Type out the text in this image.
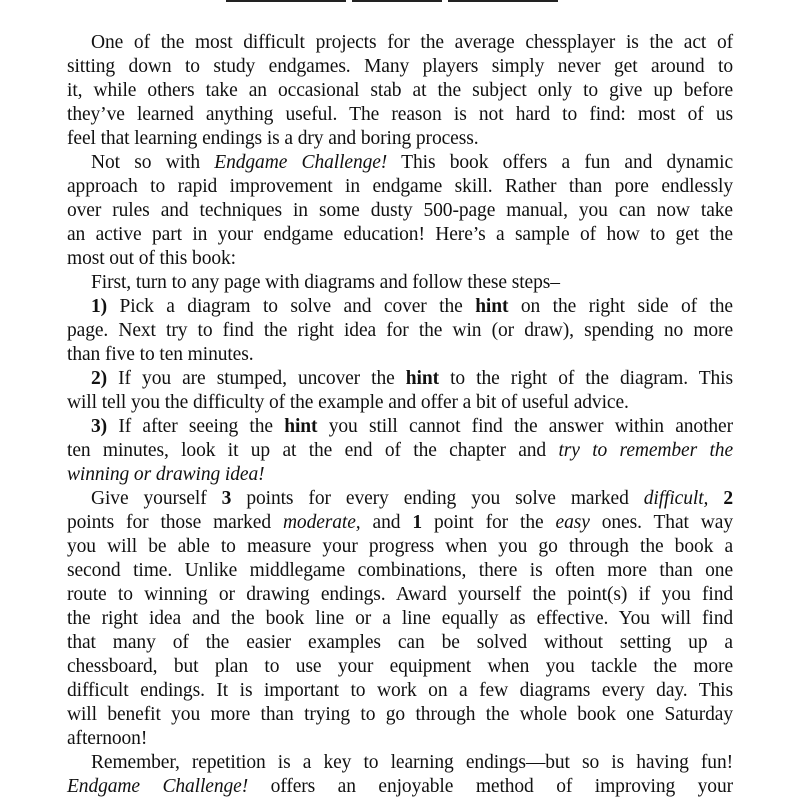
One of the most difficult projects for the average chessplayer is the act of
sitting down to study endgames. Many players simply never get around to
it, while others take an occasional stab at the subject only to give up before
they’ve learned anything useful. The reason is not hard to find: most of us
feel that learning endings is a dry and boring process.
Not so with Endgame Challenge! This book offers a fun and dynamic
approach to rapid improvement in endgame skill. Rather than pore endlessly
over rules and techniques in some dusty 500-page manual, you can now take
an active part in your endgame education! Here’s a sample of how to get the
most out of this book:
First, turn to any page with diagrams and follow these steps–
1) Pick a diagram to solve and cover the hint on the right side of the
page. Next try to find the right idea for the win (or draw), spending no more
than five to ten minutes.
2) If you are stumped, uncover the hint to the right of the diagram. This
will tell you the difficulty of the example and offer a bit of useful advice.
3) If after seeing the hint you still cannot find the answer within another
ten minutes, look it up at the end of the chapter and try to remember the
winning or drawing idea!
Give yourself 3 points for every ending you solve marked difficult, 2
points for those marked moderate, and 1 point for the easy ones. That way
you will be able to measure your progress when you go through the book a
second time. Unlike middlegame combinations, there is often more than one
route to winning or drawing endings. Award yourself the point(s) if you find
the right idea and the book line or a line equally as effective. You will find
that many of the easier examples can be solved without setting up a
chessboard, but plan to use your equipment when you tackle the more
difficult endings. It is important to work on a few diagrams every day. This
will benefit you more than trying to go through the whole book one Saturday
afternoon!
Remember, repetition is a key to learning endings—but so is having fun!
Endgame Challenge! offers an enjoyable method of improving your
